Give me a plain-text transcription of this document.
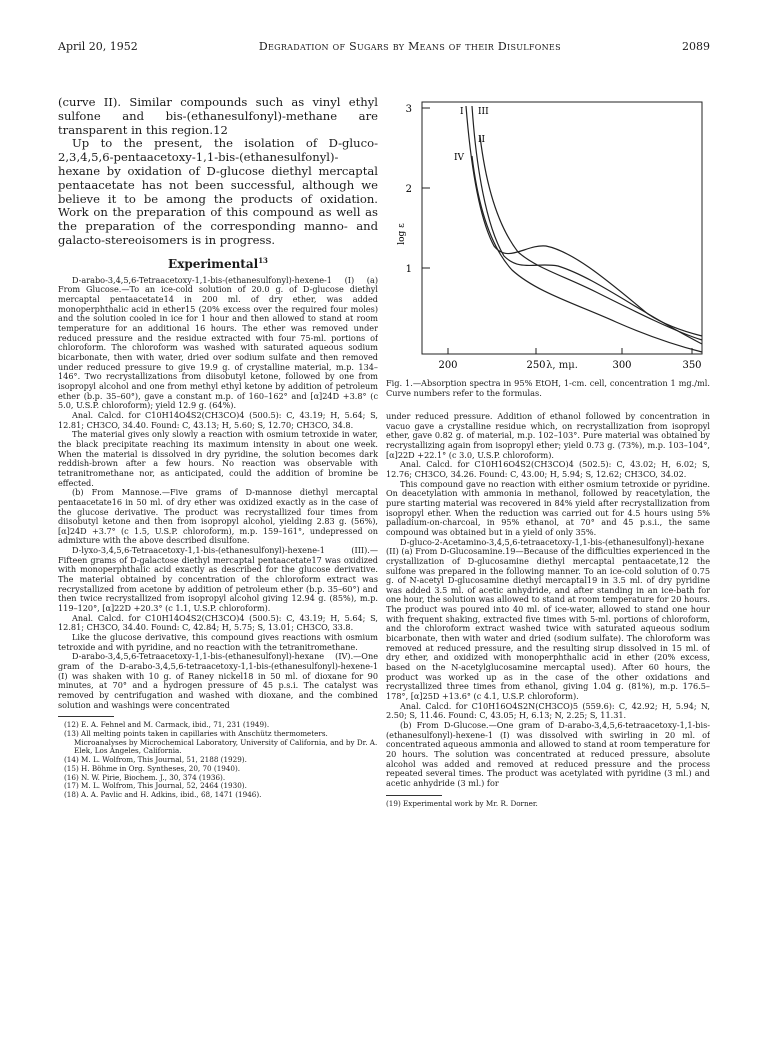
April 20, 1952	Degradation of Sugars by Means of their Disulfones	2089

(curve II). Similar compounds such as vinyl ethyl sulfone and bis-(ethanesulfonyl)-methane are transparent in this region.12

Up to the present, the isolation of D-gluco-2,3,4,5,6-pentaacetoxy-1,1-bis-(ethanesulfonyl)-hexane by oxidation of D-glucose diethyl mercaptal pentaacetate has not been successful, although we believe it to be among the products of oxidation. Work on the preparation of this compound as well as the preparation of the corresponding manno- and galacto-stereoisomers is in progress.

Experimental$^{13}$

D-arabo-3,4,5,6-Tetraacetoxy-1,1-bis-(ethanesulfonyl)-hexene-1 (I) (a) From Glucose.—To an ice-cold solution of 20.0 g. of D-glucose diethyl mercaptal pentaacetate14 in 200 ml. of dry ether, was added monoperphthalic acid in ether15 (20% excess over the required four moles) and the solution cooled in ice for 1 hour and then allowed to stand at room temperature for an additional 16 hours. The ether was removed under reduced pressure and the residue extracted with four 75-ml. portions of chloroform. The chloroform was washed with saturated aqueous sodium bicarbonate, then with water, dried over sodium sulfate and then removed under reduced pressure to give 19.9 g. of crystalline material, m.p. 134–146°. Two recrystallizations from diisobutyl ketone, followed by one from isopropyl alcohol and one from methyl ethyl ketone by addition of petroleum ether (b.p. 35–60°), gave a constant m.p. of 160–162° and [α]24D +3.8° (c 5.0, U.S.P. chloroform); yield 12.9 g. (64%).

Anal. Calcd. for C10H14O4S2(CH3CO)4 (500.5): C, 43.19; H, 5.64; S, 12.81; CH3CO, 34.40. Found: C, 43.13; H, 5.60; S, 12.70; CH3CO, 34.8.

The material gives only slowly a reaction with osmium tetroxide in water, the black precipitate reaching its maximum intensity in about one week. When the material is dissolved in dry pyridine, the solution becomes dark reddish-brown after a few hours. No reaction was observable with tetranitromethane nor, as anticipated, could the addition of bromine be effected.

(b) From Mannose.—Five grams of D-mannose diethyl mercaptal pentaacetate16 in 50 ml. of dry ether was oxidized exactly as in the case of the glucose derivative. The product was recrystallized four times from diisobutyl ketone and then from isopropyl alcohol, yielding 2.83 g. (56%), [α]24D +3.7° (c 1.5, U.S.P. chloroform), m.p. 159–161°, undepressed on admixture with the above described disulfone.

D-lyxo-3,4,5,6-Tetraacetoxy-1,1-bis-(ethanesulfonyl)-hexene-1 (III).—Fifteen grams of D-galactose diethyl mercaptal pentaacetate17 was oxidized with monoperphthalic acid exactly as described for the glucose derivative. The material obtained by concentration of the chloroform extract was recrystallized from acetone by addition of petroleum ether (b.p. 35–60°) and then twice recrystallized from isopropyl alcohol giving 12.94 g. (85%), m.p. 119–120°, [α]22D +20.3° (c 1.1, U.S.P. chloroform).

Anal. Calcd. for C10H14O4S2(CH3CO)4 (500.5): C, 43.19; H, 5.64; S, 12.81; CH3CO, 34.40. Found: C, 42.84; H, 5.75; S, 13.01; CH3CO, 33.8.

Like the glucose derivative, this compound gives reactions with osmium tetroxide and with pyridine, and no reaction with the tetranitromethane.

D-arabo-3,4,5,6-Tetraacetoxy-1,1-bis-(ethanesulfonyl)-hexane (IV).—One gram of the D-arabo-3,4,5,6-tetraacetoxy-1,1-bis-(ethanesulfonyl)-hexene-1 (I) was shaken with 10 g. of Raney nickel18 in 50 ml. of dioxane for 90 minutes, at 70° and a hydrogen pressure of 45 p.s.i. The catalyst was removed by centrifugation and washed with dioxane, and the combined solution and washings were concentrated

(12) E. A. Fehnel and M. Carmack, ibid., 71, 231 (1949).

(13) All melting points taken in capillaries with Anschütz thermometers. Microanalyses by Microchemical Laboratory, University of California, and by Dr. A. Elek, Los Angeles, California.

(14) M. L. Wolfrom, This Journal, 51, 2188 (1929).

(15) H. Böhme in Org. Syntheses, 20, 70 (1940).

(16) N. W. Pirie, Biochem. J., 30, 374 (1936).

(17) M. L. Wolfrom, This Journal, 52, 2464 (1930).

(18) A. A. Pavlic and H. Adkins, ibid., 68, 1471 (1946).

3
2
1
log ε
200	250	300	350
I III
II
IV
λ, mμ.
Fig. 1.—Absorption spectra in 95% EtOH, 1-cm. cell, concentration 1 mg./ml. Curve numbers refer to the formulas.

under reduced pressure. Addition of ethanol followed by concentration in vacuo gave a crystalline residue which, on recrystallization from isopropyl ether, gave 0.82 g. of material, m.p. 102–103°. Pure material was obtained by recrystallizing again from isopropyl ether; yield 0.73 g. (73%), m.p. 103–104°, [α]22D +22.1° (c 3.0, U.S.P. chloroform).

Anal. Calcd. for C10H16O4S2(CH3CO)4 (502.5): C, 43.02; H, 6.02; S, 12.76; CH3CO, 34.26. Found: C, 43.00; H, 5.94; S, 12.62; CH3CO, 34.02.

This compound gave no reaction with either osmium tetroxide or pyridine. On deacetylation with ammonia in methanol, followed by reacetylation, the pure starting material was recovered in 84% yield after recrystallization from isopropyl ether. When the reduction was carried out for 4.5 hours using 5% palladium-on-charcoal, in 95% ethanol, at 70° and 45 p.s.i., the same compound was obtained but in a yield of only 35%.

D-gluco-2-Acetamino-3,4,5,6-tetraacetoxy-1,1-bis-(ethanesulfonyl)-hexane (II) (a) From D-Glucosamine.19—Because of the difficulties experienced in the crystallization of D-glucosamine diethyl mercaptal pentaacetate,12 the sulfone was prepared in the following manner. To an ice-cold solution of 0.75 g. of N-acetyl D-glucosamine diethyl mercaptal19 in 3.5 ml. of dry pyridine was added 3.5 ml. of acetic anhydride, and after standing in an ice-bath for one hour, the solution was allowed to stand at room temperature for 20 hours. The product was poured into 40 ml. of ice-water, allowed to stand one hour with frequent shaking, extracted five times with 5-ml. portions of chloroform, and the chloroform extract washed twice with saturated aqueous sodium bicarbonate, then with water and dried (sodium sulfate). The chloroform was removed at reduced pressure, and the resulting sirup dissolved in 15 ml. of dry ether, and oxidized with monoperphthalic acid in ether (20% excess, based on the N-acetylglucosamine mercaptal used). After 60 hours, the product was worked up as in the case of the other oxidations and recrystallized three times from ethanol, giving 1.04 g. (81%), m.p. 176.5–178°, [α]25D +13.6° (c 4.1, U.S.P. chloroform).

Anal. Calcd. for C10H16O4S2N(CH3CO)5 (559.6): C, 42.92; H, 5.94; N, 2.50; S, 11.46. Found: C, 43.05; H, 6.13; N, 2.25; S, 11.31.

(b) From D-Glucose.—One gram of D-arabo-3,4,5,6-tetraacetoxy-1,1-bis-(ethanesulfonyl)-hexene-1 (I) was dissolved with swirling in 20 ml. of concentrated aqueous ammonia and allowed to stand at room temperature for 20 hours. The solution was concentrated at reduced pressure, absolute alcohol was added and removed at reduced pressure and the process repeated several times. The product was acetylated with pyridine (3 ml.) and acetic anhydride (3 ml.) for

(19) Experimental work by Mr. R. Dorner.
